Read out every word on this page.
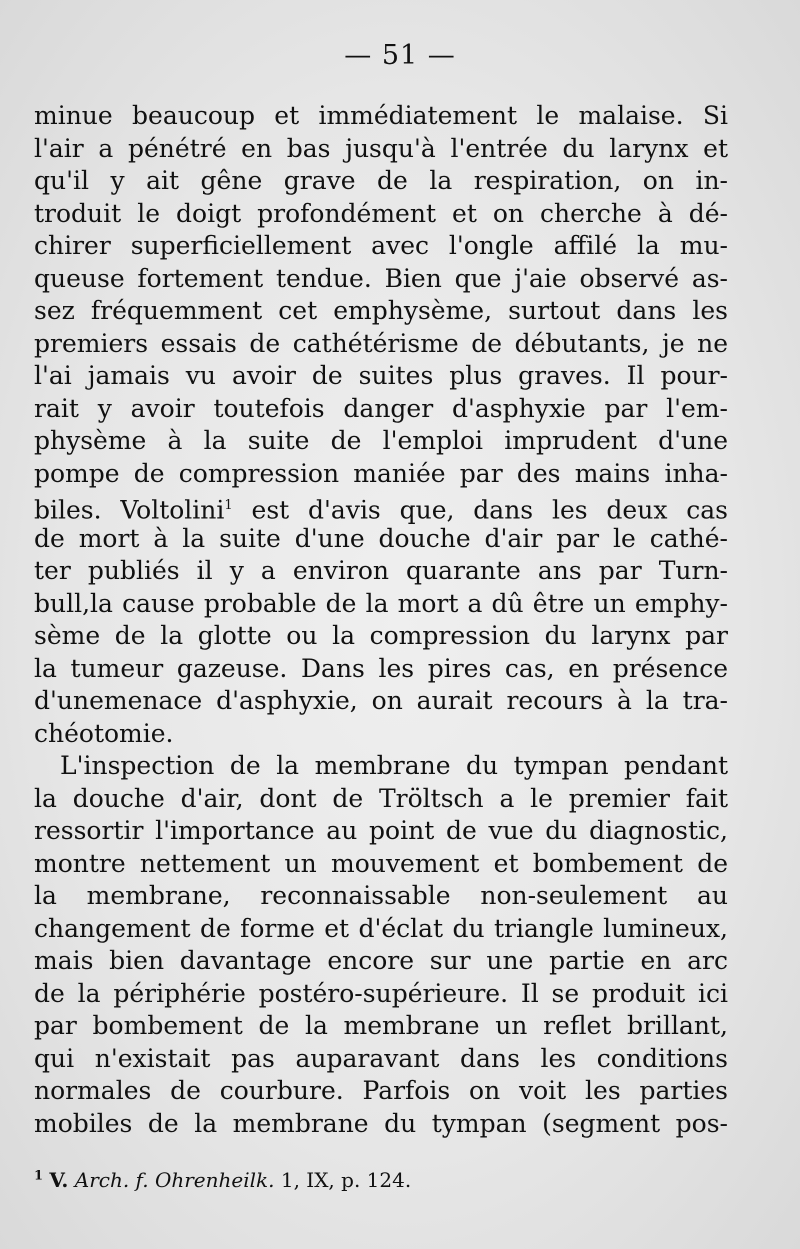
— 51 —
minue beaucoup et immédiatement le malaise. Si
l'air a pénétré en bas jusqu'à l'entrée du larynx et
qu'il y ait gêne grave de la respiration, on in-
troduit le doigt profondément et on cherche à dé-
chirer superficiellement avec l'ongle affilé la mu-
queuse fortement tendue. Bien que j'aie observé as-
sez fréquemment cet emphysème, surtout dans les
premiers essais de cathétérisme de débutants, je ne
l'ai jamais vu avoir de suites plus graves. Il pour-
rait y avoir toutefois danger d'asphyxie par l'em-
physème à la suite de l'emploi imprudent d'une
pompe de compression maniée par des mains inha-
biles. Voltolini$^1$ est d'avis que, dans les deux cas
de mort à la suite d'une douche d'air par le cathé-
ter publiés il y a environ quarante ans par Turn-
bull,la cause probable de la mort a dû être un emphy-
sème de la glotte ou la compression du larynx par
la tumeur gazeuse. Dans les pires cas, en présence
d'unemenace d'asphyxie, on aurait recours à la tra-
chéotomie.
L'inspection de la membrane du tympan pendant
la douche d'air, dont de Tröltsch a le premier fait
ressortir l'importance au point de vue du diagnostic,
montre nettement un mouvement et bombement de
la membrane, reconnaissable non-seulement au
changement de forme et d'éclat du triangle lumineux,
mais bien davantage encore sur une partie en arc
de la périphérie postéro-supérieure. Il se produit ici
par bombement de la membrane un reflet brillant,
qui n'existait pas auparavant dans les conditions
normales de courbure. Parfois on voit les parties
mobiles de la membrane du tympan (segment pos-
$^1$ V. Arch. f. Ohrenheilk. 1, IX, p. 124.
